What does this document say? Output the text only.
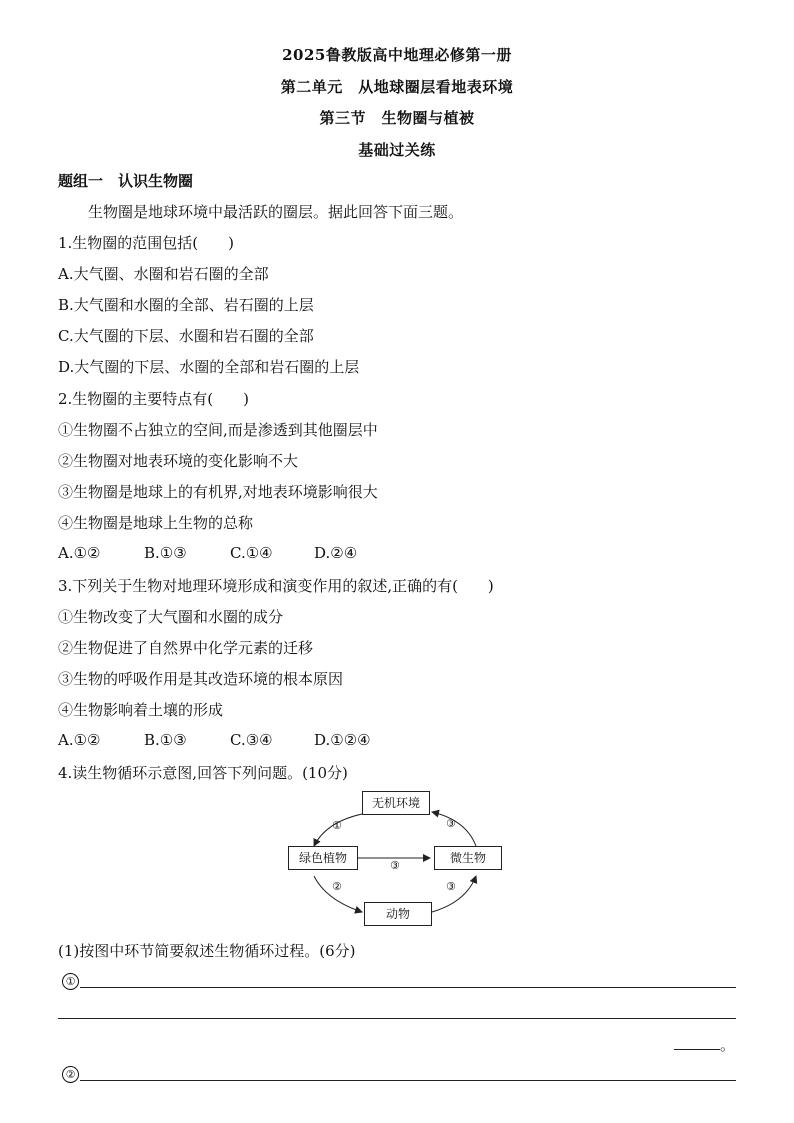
2025鲁教版高中地理必修第一册
第二单元　从地球圈层看地表环境
第三节　生物圈与植被
基础过关练
题组一　认识生物圈
生物圈是地球环境中最活跃的圈层。据此回答下面三题。
1.生物圈的范围包括(　　)
A.大气圈、水圈和岩石圈的全部
B.大气圈和水圈的全部、岩石圈的上层
C.大气圈的下层、水圈和岩石圈的全部
D.大气圈的下层、水圈的全部和岩石圈的上层
2.生物圈的主要特点有(　　)
①生物圈不占独立的空间,而是渗透到其他圈层中
②生物圈对地表环境的变化影响不大
③生物圈是地球上的有机界,对地表环境影响很大
④生物圈是地球上生物的总称
A.①②	B.①③	C.①④	D.②④
3.下列关于生物对地理环境形成和演变作用的叙述,正确的有(　　)
①生物改变了大气圈和水圈的成分
②生物促进了自然界中化学元素的迁移
③生物的呼吸作用是其改造环境的根本原因
④生物影响着土壤的形成
A.①②	B.①③	C.③④	D.①②④
4.读生物循环示意图,回答下列问题。(10分)
无机环境
绿色植物	微生物
动物
①	③
③
②	③
(1)按图中环节简要叙述生物循环过程。(6分)
①
。
②
